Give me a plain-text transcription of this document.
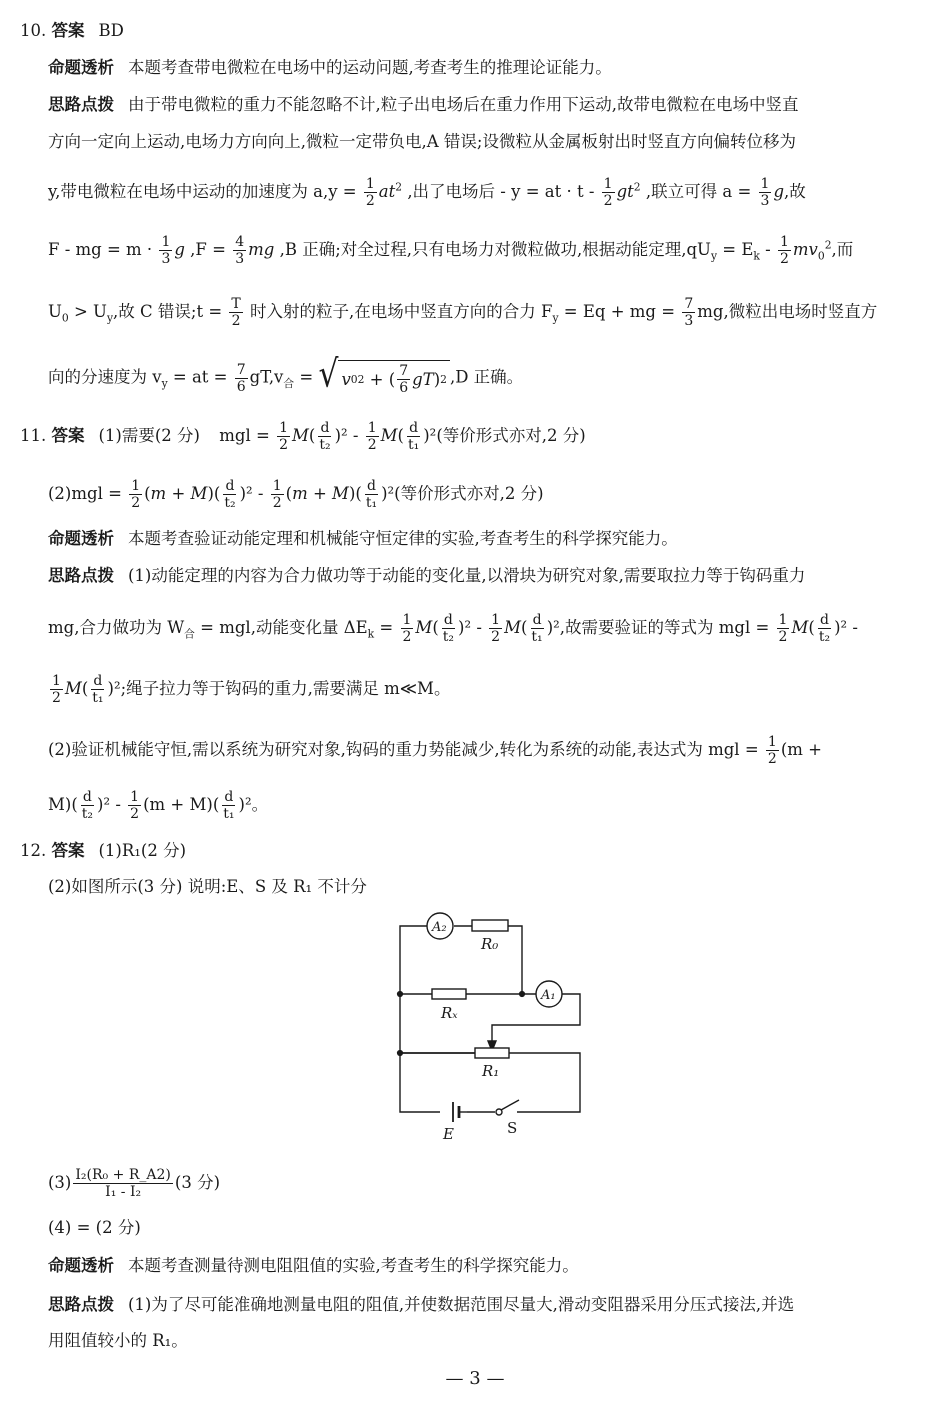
10. 答案 BD
命题透析 本题考查带电微粒在电场中的运动问题,考查考生的推理论证能力。
思路点拨 由于带电微粒的重力不能忽略不计,粒子出电场后在重力作用下运动,故带电微粒在电场中竖直
方向一定向上运动,电场力方向向上,微粒一定带负电,A 错误;设微粒从金属板射出时竖直方向偏转位移为
y,带电微粒在电场中运动的加速度为 $a,y = \frac{1}{2} at^2$ ,出了电场后 - y = at · t - $\frac{1}{2} gt^2$ ,联立可得 $a = \frac{1}{3} g$,故
F - mg = $m \cdot \frac{1}{3}$ g $,F = \frac{4}{3}$ mg ,B 正确;对全过程,只有电场力对微粒做功,根据动能定理$,qU_y = E_k - \frac{1}{2} mv_0^2$,而
$U_0 > U_y$,故 C 错误;t = $\frac{T}{2}$ 时入射的粒子,在电场中竖直方向的合力 $F_y = Eq$ + mg = $\frac{7}{3}$ mg,微粒出电场时竖直方
向的分速度为 $v_y$ = at = $\frac{7}{6} gT,v_合$ = √ v 0 2 + ( $\frac{7}{6}$ gT ) 2 ,D 正确。
11. 答案 (1)需要(2 分) mgl = $\frac{1}{2} M( \frac{d}{\text{t₂}} )^2 - \frac{1}{2} M( \frac{d}{\text{t₁}} )^2$(等价形式亦对,2 分)
$(2)mgl = \frac{1}{2} (m + M)( \frac{d}{\text{t₂}} )^2 - \frac{1}{2} (m + M)( \frac{d}{\text{t₁}} )^2$(等价形式亦对,2 分)
命题透析 本题考查验证动能定理和机械能守恒定律的实验,考查考生的科学探究能力。
思路点拨 (1)动能定理的内容为合力做功等于动能的变化量,以滑块为研究对象,需要取拉力等于钩码重力
mg,合力做功为 $W_合$ = mgl,动能变化量 $\Delta E_k = \frac{1}{2} M( \frac{d}{\text{t₂}} )^2 - \frac{1}{2} M( \frac{d}{\text{t₁}} )^2$,故需要验证的等式为 mgl = $\frac{1}{2} M( \frac{d}{\text{t₂}} )^2$ -
$\frac{1}{2} M( \frac{d}{\text{t₁}} )^2$;绳子拉力等于钩码的重力,需要满足 m≪M。
(2)验证机械能守恒,需以系统为研究对象,钩码的重力势能减少,转化为系统的动能,表达式为 mgl = $\frac{1}{2} (m$ +
$M)( \frac{d}{\text{t₂}} )^2 - \frac{1}{2} (m + M)( \frac{d}{\text{t₁}} )^2$。
12. 答案 (1)R₁(2 分)
(2)如图所示(3 分) 说明:E、S 及 R₁ 不计分
A₂
R₀
A₁
Rₓ
R₁
E	S
$(3) \frac{\text{I₂(R₀ + R\_A2)}}{\text{I₁ - I₂}} (3$ 分)
(4) = (2 分)
命题透析 本题考查测量待测电阻阻值的实验,考查考生的科学探究能力。
思路点拨 (1)为了尽可能准确地测量电阻的阻值,并使数据范围尽量大,滑动变阻器采用分压式接法,并选
用阻值较小的 R₁。
— 3 —
